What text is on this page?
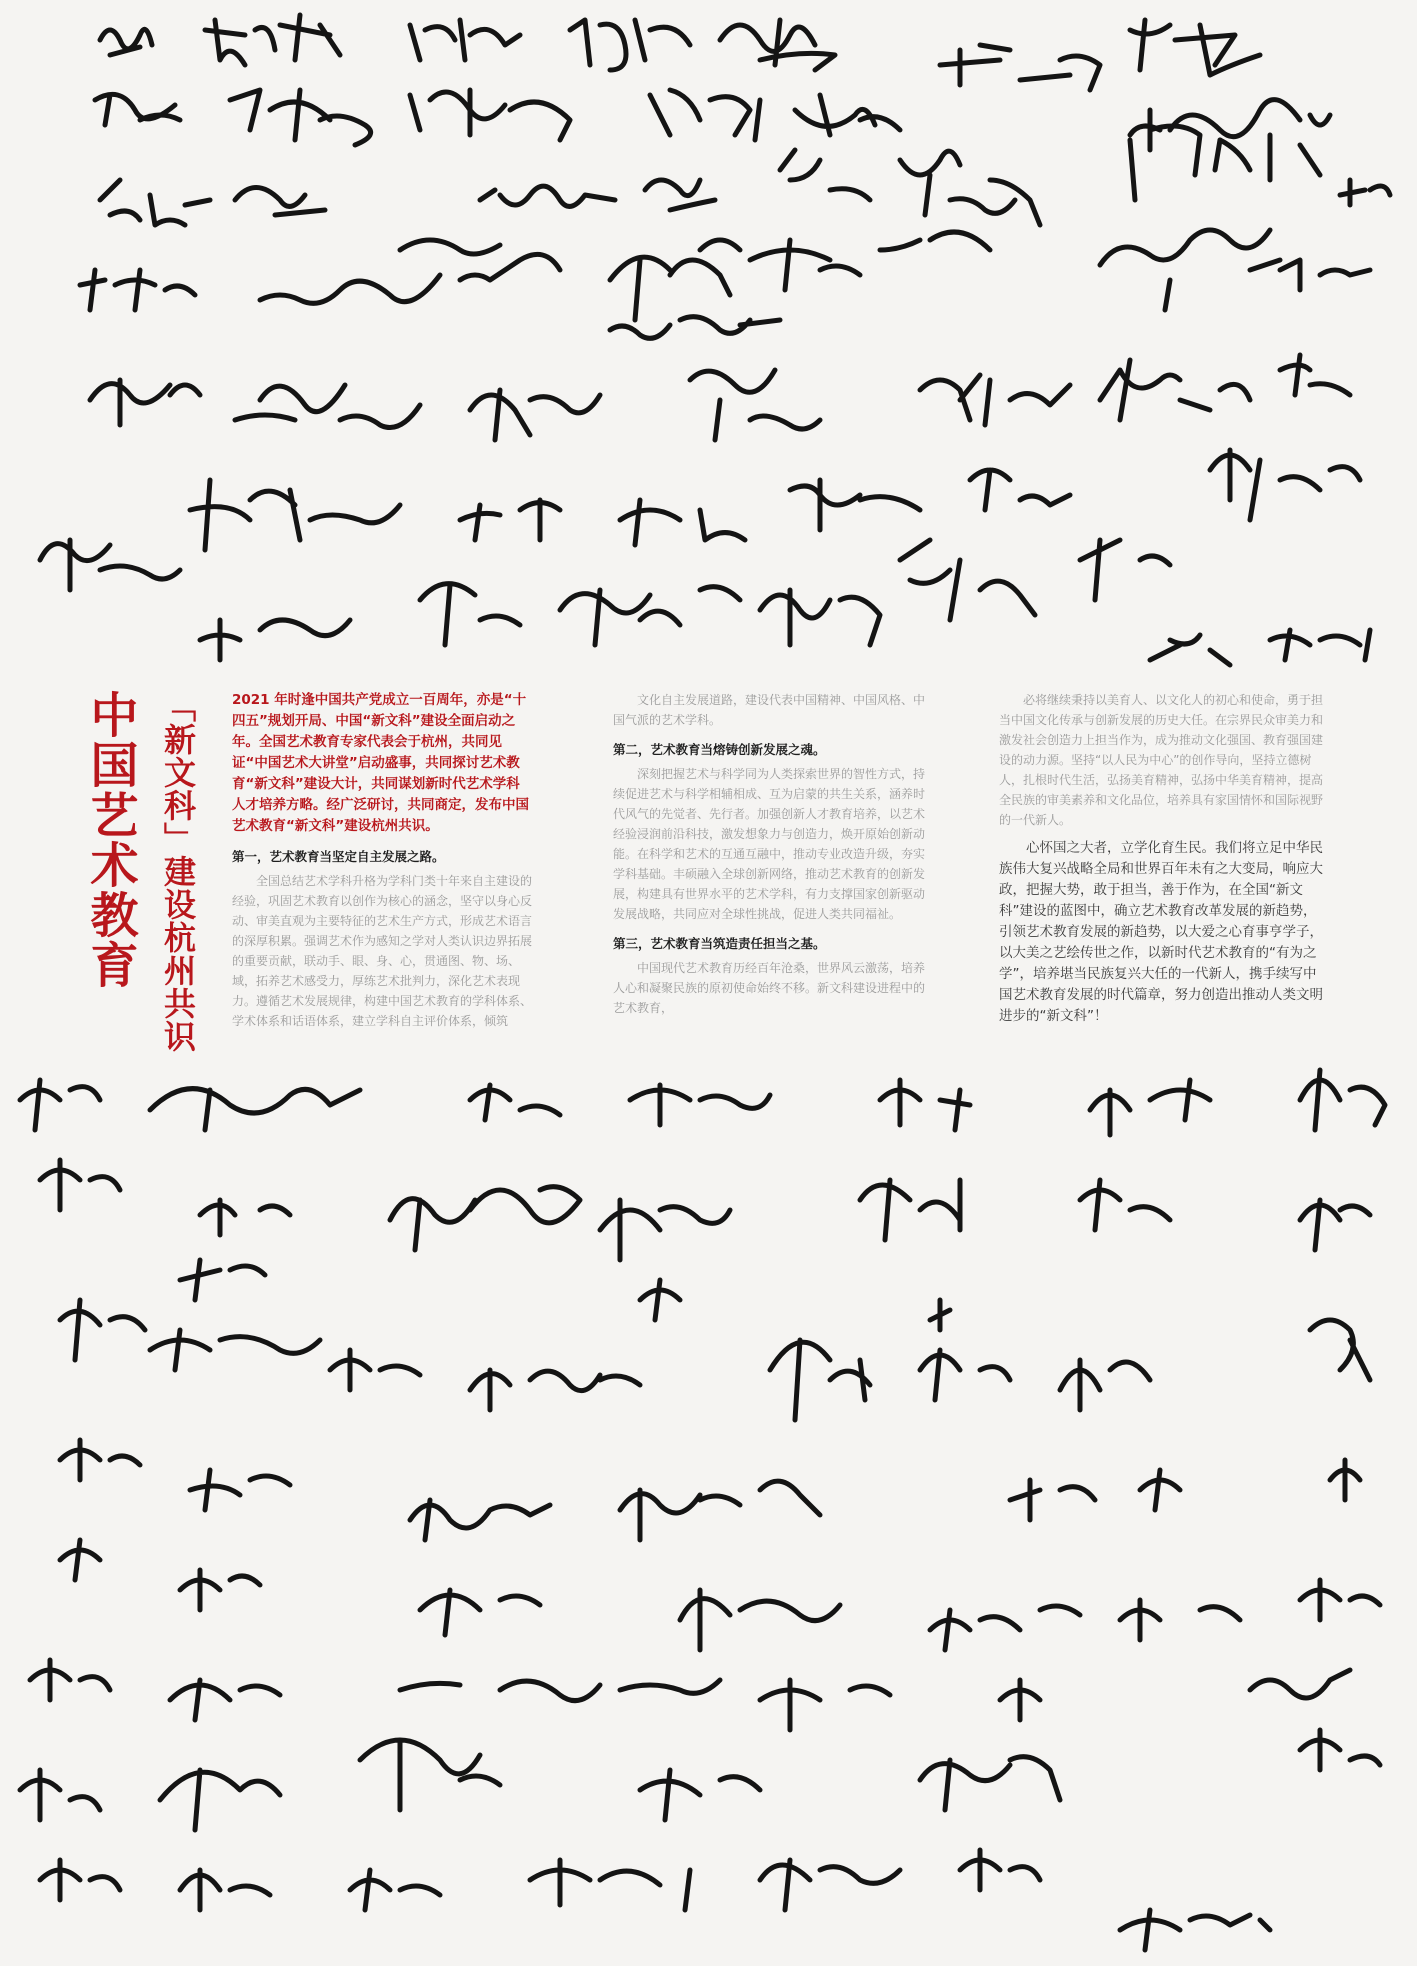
中国艺术教育 「新文科」建设杭州共识	2021 年时逢中国共产党成立一百周年，亦是“十四五”规划开局、中国“新文科”建设全面启动之年。全国艺术教育专家代表会于杭州，共同见证“中国艺术大讲堂”启动盛事，共同探讨艺术教育“新文科”建设大计，共同谋划新时代艺术学科人才培养方略。经广泛研讨，共同商定，发布中国艺术教育“新文科”建设杭州共识。

第一，艺术教育当坚定自主发展之路。

全国总结艺术学科升格为学科门类十年来自主建设的经验，巩固艺术教育以创作为核心的涵念，坚守以身心反动、审美直观为主要特征的艺术生产方式，形成艺术语言的深厚积累。强调艺术作为感知之学对人类认识边界拓展的重要贡献，联动手、眼、身、心，贯通图、物、场、域，拓养艺术感受力，厚练艺术批判力，深化艺术表现力。遵循艺术发展规律，构建中国艺术教育的学科体系、学术体系和话语体系，建立学科自主评价体系，倾筑

文化自主发展道路，建设代表中国精神、中国风格、中国气派的艺术学科。

第二，艺术教育当熔铸创新发展之魂。

深刻把握艺术与科学同为人类探索世界的智性方式，持续促进艺术与科学相辅相成、互为启蒙的共生关系，涵养时代风气的先觉者、先行者。加强创新人才教育培养，以艺术经验浸润前沿科技，激发想象力与创造力，焕开原始创新动能。在科学和艺术的互通互融中，推动专业改造升级，夯实学科基础。丰硕融入全球创新网络，推动艺术教育的创新发展，构建具有世界水平的艺术学科，有力支撑国家创新驱动发展战略，共同应对全球性挑战，促进人类共同福祉。

第三，艺术教育当筑造责任担当之基。

中国现代艺术教育历经百年沧桑，世界风云激荡，培养人心和凝聚民族的原初使命始终不移。新文科建设进程中的艺术教育，

必将继续秉持以美育人、以文化人的初心和使命，勇于担当中国文化传承与创新发展的历史大任。在宗界民众审美力和激发社会创造力上担当作为，成为推动文化强国、教育强国建设的动力源。坚持“以人民为中心”的创作导向，坚持立德树人，扎根时代生活，弘扬美育精神，弘扬中华美育精神，提高全民族的审美素养和文化品位，培养具有家国情怀和国际视野的一代新人。

心怀国之大者，立学化育生民。我们将立足中华民族伟大复兴战略全局和世界百年未有之大变局，响应大政，把握大势，敢于担当，善于作为，在全国“新文科”建设的蓝图中，确立艺术教育改革发展的新趋势，引领艺术教育发展的新趋势，以大爱之心育事亨学子，以大美之艺绘传世之作，以新时代艺术教育的“有为之学”，培养堪当民族复兴大任的一代新人，携手续写中国艺术教育发展的时代篇章，努力创造出推动人类文明进步的“新文科”！
